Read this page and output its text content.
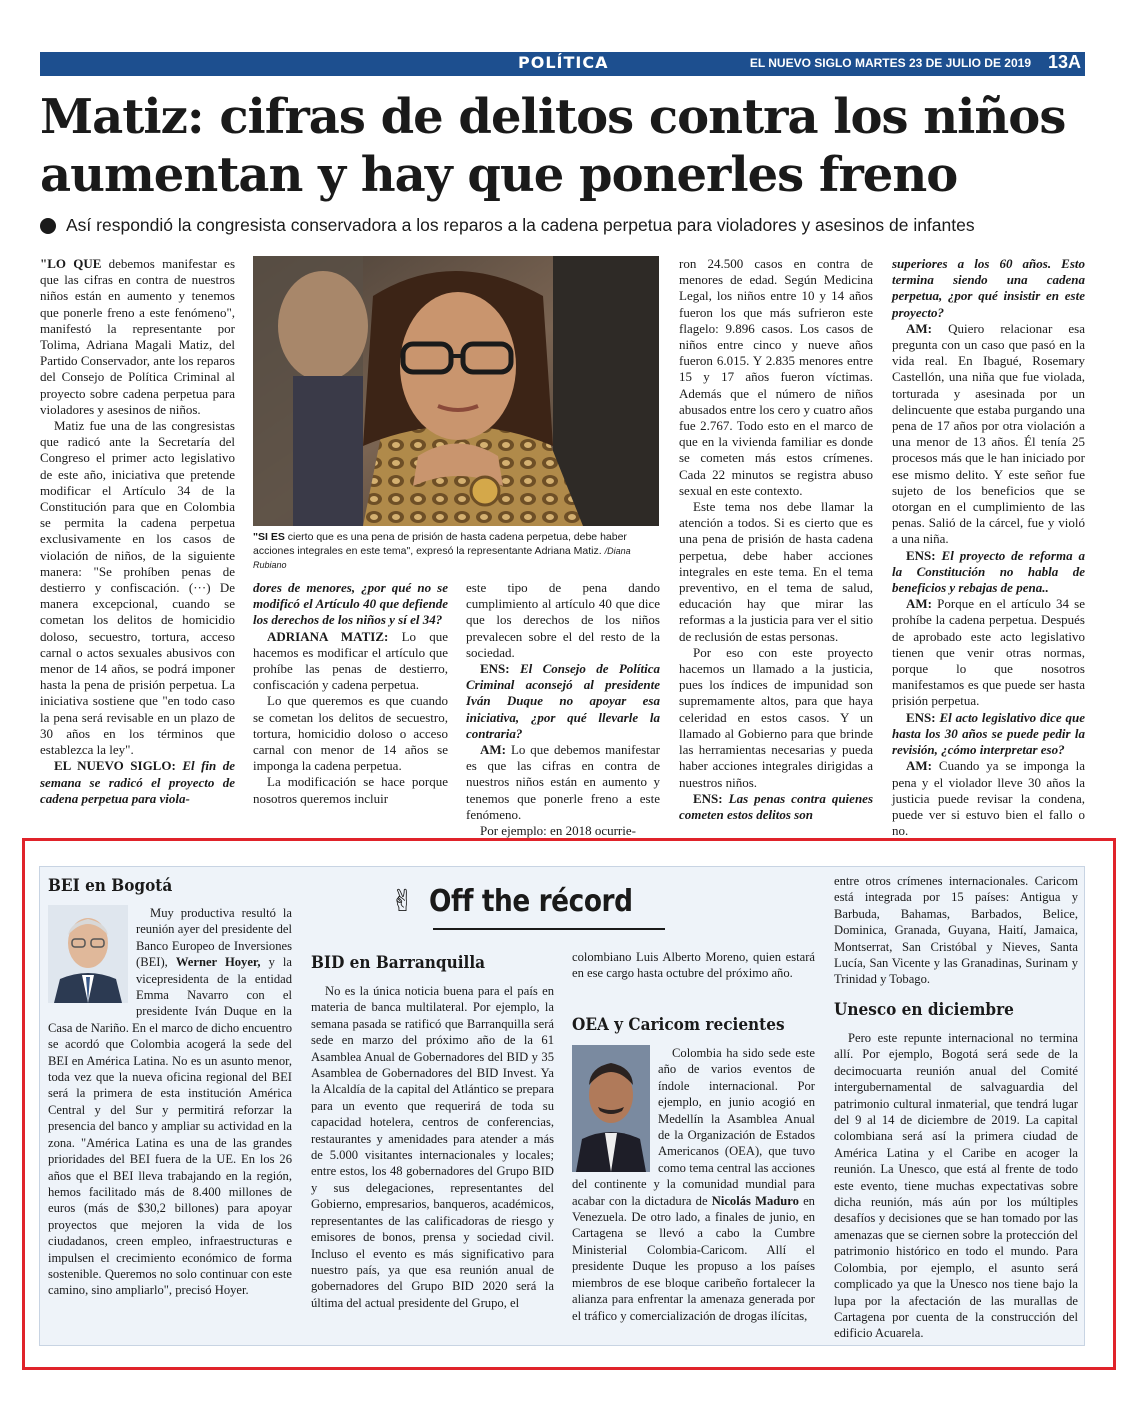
POLÍTICA	EL NUEVO SIGLO MARTES 23 DE JULIO DE 2019 13A
Matiz: cifras de delitos contra los niños
aumentan y hay que ponerles freno
Así respondió la congresista conservadora a los reparos a la cadena perpetua para violadores y asesinos de infantes

"LO QUE debemos manifestar es que las cifras en contra de nuestros niños están en aumento y tenemos que ponerle freno a este fenómeno", manifestó la representante por Tolima, Adriana Magali Matiz, del Partido Conservador, ante los reparos del Consejo de Política Criminal al proyecto sobre cadena perpetua para violadores y asesinos de niños.

Matiz fue una de las congresistas que radicó ante la Secretaría del Congreso el primer acto legislativo de este año, iniciativa que pretende modificar el Artículo 34 de la Constitución para que en Colombia se permita la cadena perpetua exclusivamente en los casos de violación de niños, de la siguiente manera: "Se prohíben penas de destierro y confiscación. (···) De manera excepcional, cuando se cometan los delitos de homicidio doloso, secuestro, tortura, acceso carnal o actos sexuales abusivos con menor de 14 años, se podrá imponer hasta la pena de prisión perpetua. La iniciativa sostiene que "en todo caso la pena será revisable en un plazo de 30 años en los términos que establezca la ley".

EL NUEVO SIGLO: El fin de semana se radicó el proyecto de cadena perpetua para viola-

"SI ES cierto que es una pena de prisión de hasta cadena perpetua, debe haber acciones integrales en este tema", expresó la representante Adriana Matiz. /Diana Rubiano

dores de menores, ¿por qué no se modificó el Artículo 40 que defiende los derechos de los niños y sí el 34?

ADRIANA MATIZ: Lo que hacemos es modificar el artículo que prohíbe las penas de destierro, confiscación y cadena perpetua.

Lo que queremos es que cuando se cometan los delitos de secuestro, tortura, homicidio doloso o acceso carnal con menor de 14 años se imponga la cadena perpetua.

La modificación se hace porque nosotros queremos incluir

este tipo de pena dando cumplimiento al artículo 40 que dice que los derechos de los niños prevalecen sobre el del resto de la sociedad.

ENS: El Consejo de Política Criminal aconsejó al presidente Iván Duque no apoyar esa iniciativa, ¿por qué llevarle la contraria?

AM: Lo que debemos manifestar es que las cifras en contra de nuestros niños están en aumento y tenemos que ponerle freno a este fenómeno.

Por ejemplo: en 2018 ocurrie-

ron 24.500 casos en contra de menores de edad. Según Medicina Legal, los niños entre 10 y 14 años fueron los que más sufrieron este flagelo: 9.896 casos. Los casos de niños entre cinco y nueve años fueron 6.015. Y 2.835 menores entre 15 y 17 años fueron víctimas. Además que el número de niños abusados entre los cero y cuatro años fue 2.767. Todo esto en el marco de que en la vivienda familiar es donde se cometen más estos crímenes. Cada 22 minutos se registra abuso sexual en este contexto.

Este tema nos debe llamar la atención a todos. Si es cierto que es una pena de prisión de hasta cadena perpetua, debe haber acciones integrales en este tema. En el tema preventivo, en el tema de salud, educación hay que mirar las reformas a la justicia para ver el sitio de reclusión de estas personas.

Por eso con este proyecto hacemos un llamado a la justicia, pues los índices de impunidad son supremamente altos, para que haya celeridad en estos casos. Y un llamado al Gobierno para que brinde las herramientas necesarias y pueda haber acciones integrales dirigidas a nuestros niños.

ENS: Las penas contra quienes cometen estos delitos son

superiores a los 60 años. Esto termina siendo una cadena perpetua, ¿por qué insistir en este proyecto?

AM: Quiero relacionar esa pregunta con un caso que pasó en la vida real. En Ibagué, Rosemary Castellón, una niña que fue violada, torturada y asesinada por un delincuente que estaba purgando una pena de 17 años por otra violación a una menor de 13 años. Él tenía 25 procesos más que le han iniciado por ese mismo delito. Y este señor fue sujeto de los beneficios que se otorgan en el cumplimiento de las penas. Salió de la cárcel, fue y violó a una niña.

ENS: El proyecto de reforma a la Constitución no habla de beneficios y rebajas de pena..

AM: Porque en el artículo 34 se prohíbe la cadena perpetua. Después de aprobado este acto legislativo tienen que venir otras normas, porque lo que nosotros manifestamos es que puede ser hasta prisión perpetua.

ENS: El acto legislativo dice que hasta los 30 años se puede pedir la revisión, ¿cómo interpretar eso?

AM: Cuando ya se imponga la pena y el violador lleve 30 años la justicia puede revisar la condena, puede ver si estuvo bien el fallo o no.

✌ Off the récord
BEI en Bogotá

Muy productiva resultó la reunión ayer del presidente del Banco Europeo de Inversiones (BEI), Werner Hoyer, y la vicepresidenta de la entidad Emma Navarro con el presidente Iván Duque en la Casa de Nariño. En el marco de dicho encuentro se acordó que Colombia acogerá la sede del BEI en América Latina. No es un asunto menor, toda vez que la nueva oficina regional del BEI será la primera de esta institución América Central y del Sur y permitirá reforzar la presencia del banco y ampliar su actividad en la zona. "América Latina es una de las grandes prioridades del BEI fuera de la UE. En los 26 años que el BEI lleva trabajando en la región, hemos facilitado más de 8.400 millones de euros (más de $30,2 billones) para apoyar proyectos que mejoren la vida de los ciudadanos, creen empleo, infraestructuras e impulsen el crecimiento económico de forma sostenible. Queremos no solo continuar con este camino, sino ampliarlo", precisó Hoyer.

BID en Barranquilla

No es la única noticia buena para el país en materia de banca multilateral. Por ejemplo, la semana pasada se ratificó que Barranquilla será sede en marzo del próximo año de la 61 Asamblea Anual de Gobernadores del BID y 35 Asamblea de Gobernadores del BID Invest. Ya la Alcaldía de la capital del Atlántico se prepara para un evento que requerirá de toda su capacidad hotelera, centros de conferencias, restaurantes y amenidades para atender a más de 5.000 visitantes internacionales y locales; entre estos, los 48 gobernadores del Grupo BID y sus delegaciones, representantes del Gobierno, empresarios, banqueros, académicos, representantes de las calificadoras de riesgo y emisores de bonos, prensa y sociedad civil. Incluso el evento es más significativo para nuestro país, ya que esa reunión anual de gobernadores del Grupo BID 2020 será la última del actual presidente del Grupo, el

colombiano Luis Alberto Moreno, quien estará en ese cargo hasta octubre del próximo año.

OEA y Caricom recientes

Colombia ha sido sede este año de varios eventos de índole internacional. Por ejemplo, en junio acogió en Medellín la Asamblea Anual de la Organización de Estados Americanos (OEA), que tuvo como tema central las acciones del continente y la comunidad mundial para acabar con la dictadura de Nicolás Maduro en Venezuela. De otro lado, a finales de junio, en Cartagena se llevó a cabo la Cumbre Ministerial Colombia-Caricom. Allí el presidente Duque les propuso a los países miembros de ese bloque caribeño fortalecer la alianza para enfrentar la amenaza generada por el tráfico y comercialización de drogas ilícitas,

entre otros crímenes internacionales. Caricom está integrada por 15 países: Antigua y Barbuda, Bahamas, Barbados, Belice, Dominica, Granada, Guyana, Haití, Jamaica, Montserrat, San Cristóbal y Nieves, Santa Lucía, San Vicente y las Granadinas, Surinam y Trinidad y Tobago.

Unesco en diciembre

Pero este repunte internacional no termina allí. Por ejemplo, Bogotá será sede de la decimocuarta reunión anual del Comité intergubernamental de salvaguardia del patrimonio cultural inmaterial, que tendrá lugar del 9 al 14 de diciembre de 2019. La capital colombiana será así la primera ciudad de América Latina y el Caribe en acoger la reunión. La Unesco, que está al frente de todo este evento, tiene muchas expectativas sobre dicha reunión, más aún por los múltiples desafíos y decisiones que se han tomado por las amenazas que se ciernen sobre la protección del patrimonio histórico en todo el mundo. Para Colombia, por ejemplo, el asunto será complicado ya que la Unesco nos tiene bajo la lupa por la afectación de las murallas de Cartagena por cuenta de la construcción del edificio Acuarela.
